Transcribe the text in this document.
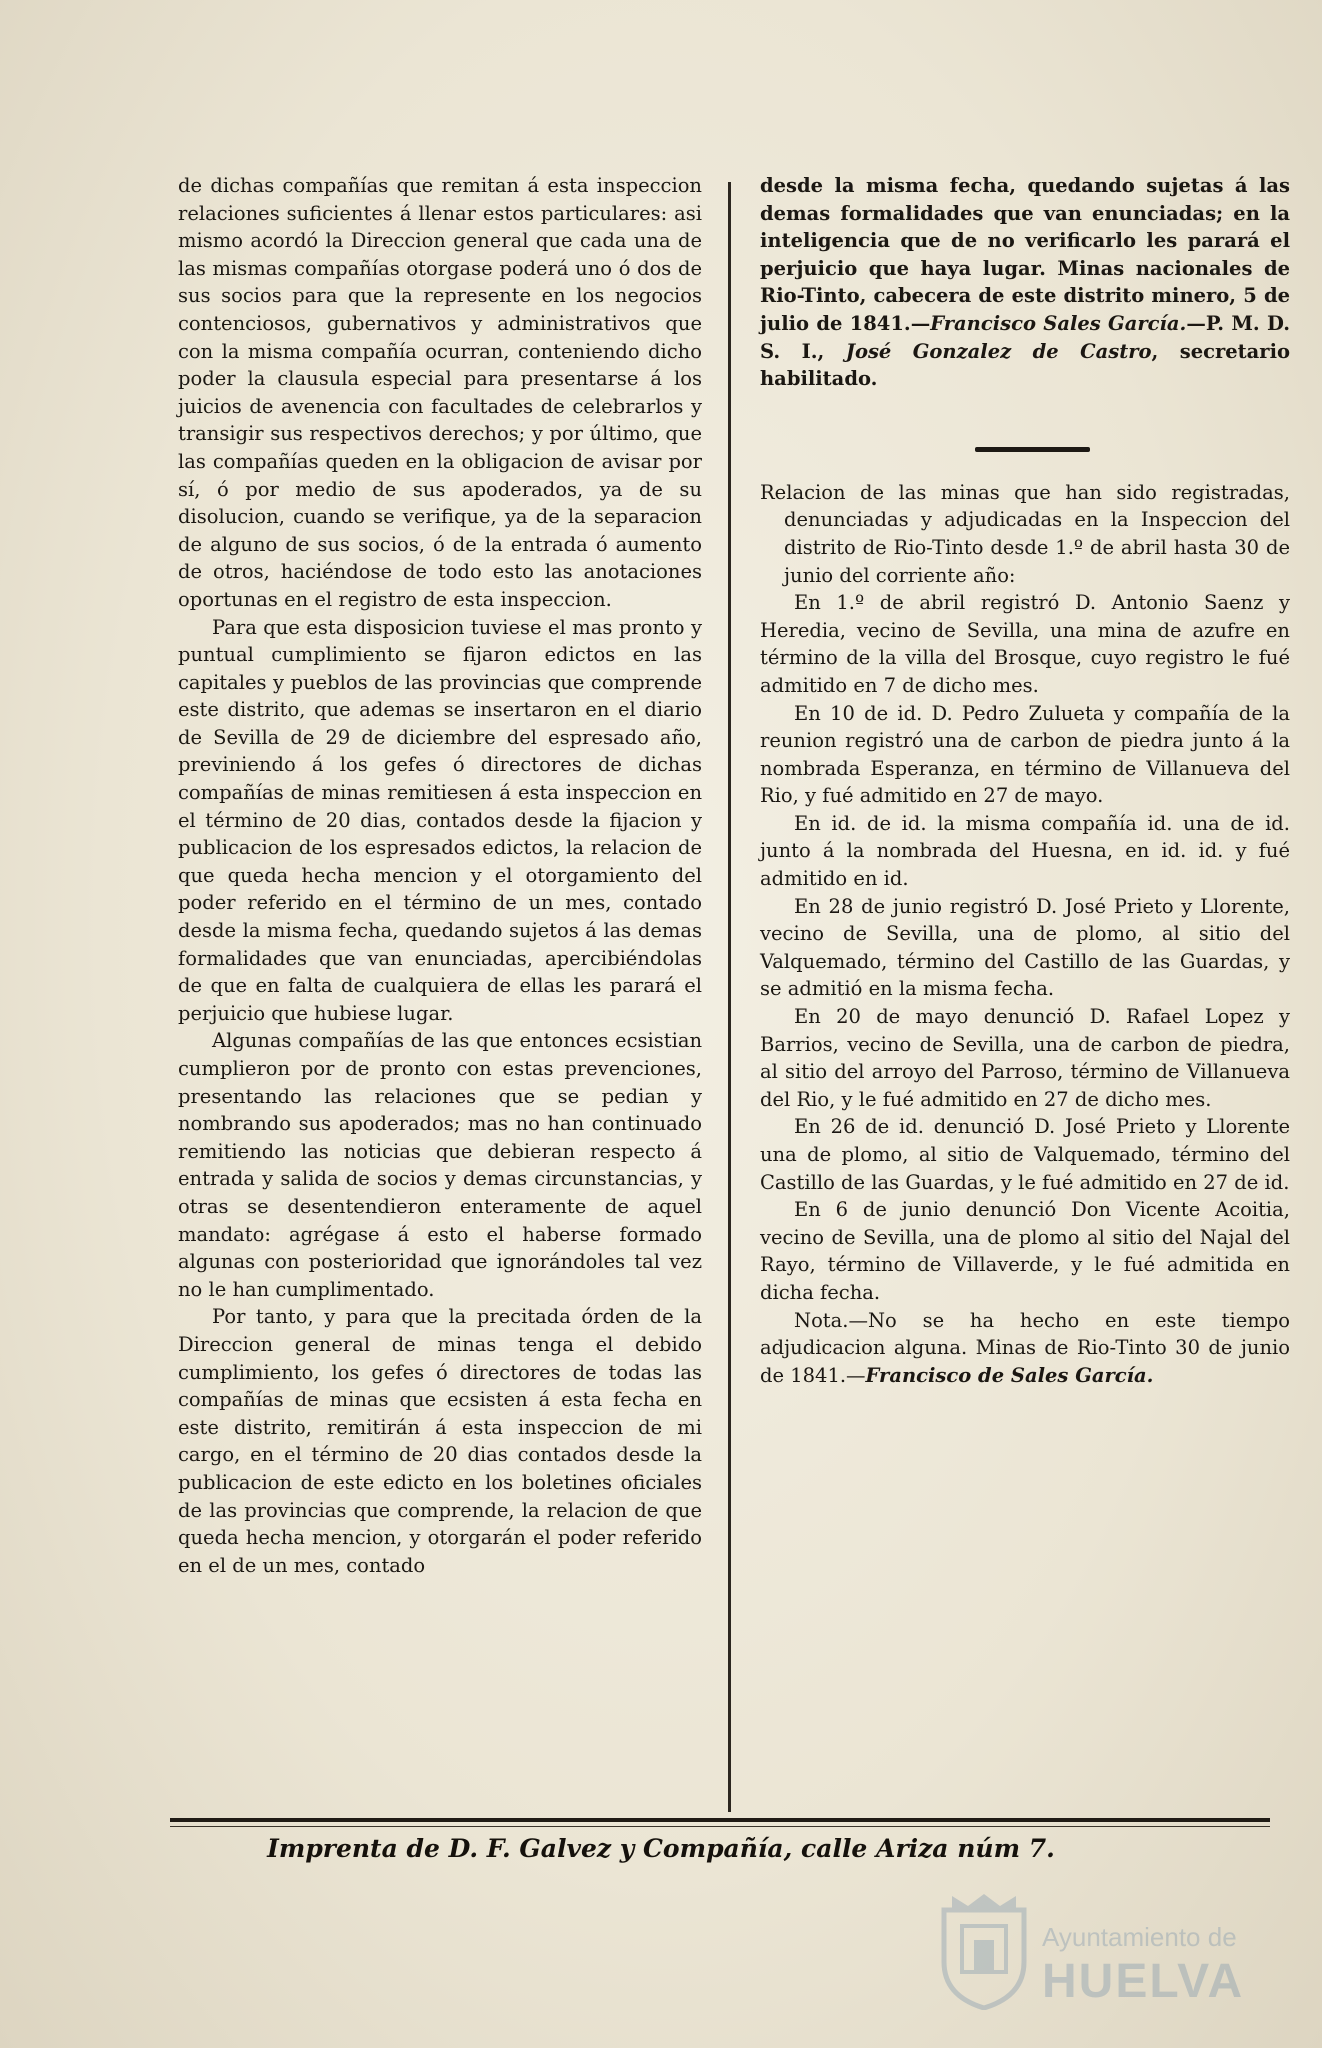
de dichas compañías que remitan á esta inspeccion relaciones suficientes á llenar estos particulares: asi mismo acordó la Direccion general que cada una de las mismas compañías otorgase poderá uno ó dos de sus socios para que la represente en los negocios contenciosos, gubernativos y administrativos que con la misma compañía ocurran, conteniendo dicho poder la clausula especial para presentarse á los juicios de avenencia con facultades de celebrarlos y transigir sus respectivos derechos; y por último, que las compañías queden en la obligacion de avisar por sí, ó por medio de sus apoderados, ya de su disolucion, cuando se verifique, ya de la separacion de alguno de sus socios, ó de la entrada ó aumento de otros, haciéndose de todo esto las anotaciones oportunas en el registro de esta inspeccion.

Para que esta disposicion tuviese el mas pronto y puntual cumplimiento se fijaron edictos en las capitales y pueblos de las provincias que comprende este distrito, que ademas se insertaron en el diario de Sevilla de 29 de diciembre del espresado año, previniendo á los gefes ó directores de dichas compañías de minas remitiesen á esta inspeccion en el término de 20 dias, contados desde la fijacion y publicacion de los espresados edictos, la relacion de que queda hecha mencion y el otorgamiento del poder referido en el término de un mes, contado desde la misma fecha, quedando sujetos á las demas formalidades que van enunciadas, apercibiéndolas de que en falta de cualquiera de ellas les parará el perjuicio que hubiese lugar.

Algunas compañías de las que entonces ecsistian cumplieron por de pronto con estas prevenciones, presentando las relaciones que se pedian y nombrando sus apoderados; mas no han continuado remitiendo las noticias que debieran respecto á entrada y salida de socios y demas circunstancias, y otras se desentendieron enteramente de aquel mandato: agrégase á esto el haberse formado algunas con posterioridad que ignorándoles tal vez no le han cumplimentado.

Por tanto, y para que la precitada órden de la Direccion general de minas tenga el debido cumplimiento, los gefes ó directores de todas las compañías de minas que ecsisten á esta fecha en este distrito, remitirán á esta inspeccion de mi cargo, en el término de 20 dias contados desde la publicacion de este edicto en los boletines oficiales de las provincias que comprende, la relacion de que queda hecha mencion, y otorgarán el poder referido en el de un mes, contado

desde la misma fecha, quedando sujetas á las demas formalidades que van enunciadas; en la inteligencia que de no verificarlo les parará el perjuicio que haya lugar. Minas nacionales de Rio-Tinto, cabecera de este distrito minero, 5 de julio de 1841.—Francisco Sales García.—P. M. D. S. I., José Gonzalez de Castro, secretario habilitado.

Relacion de las minas que han sido registradas, denunciadas y adjudicadas en la Inspeccion del distrito de Rio-Tinto desde 1.º de abril hasta 30 de junio del corriente año:

En 1.º de abril registró D. Antonio Saenz y Heredia, vecino de Sevilla, una mina de azufre en término de la villa del Brosque, cuyo registro le fué admitido en 7 de dicho mes.

En 10 de id. D. Pedro Zulueta y compañía de la reunion registró una de carbon de piedra junto á la nombrada Esperanza, en término de Villanueva del Rio, y fué admitido en 27 de mayo.

En id. de id. la misma compañía id. una de id. junto á la nombrada del Huesna, en id. id. y fué admitido en id.

En 28 de junio registró D. José Prieto y Llorente, vecino de Sevilla, una de plomo, al sitio del Valquemado, término del Castillo de las Guardas, y se admitió en la misma fecha.

En 20 de mayo denunció D. Rafael Lopez y Barrios, vecino de Sevilla, una de carbon de piedra, al sitio del arroyo del Parroso, término de Villanueva del Rio, y le fué admitido en 27 de dicho mes.

En 26 de id. denunció D. José Prieto y Llorente una de plomo, al sitio de Valquemado, término del Castillo de las Guardas, y le fué admitido en 27 de id.

En 6 de junio denunció Don Vicente Acoitia, vecino de Sevilla, una de plomo al sitio del Najal del Rayo, término de Villaverde, y le fué admitida en dicha fecha.

Nota.—No se ha hecho en este tiempo adjudicacion alguna. Minas de Rio-Tinto 30 de junio de 1841.—Francisco de Sales García.

Imprenta de D. F. Galvez y Compañía, calle Ariza núm 7.
Ayuntamiento de
HUELVA
